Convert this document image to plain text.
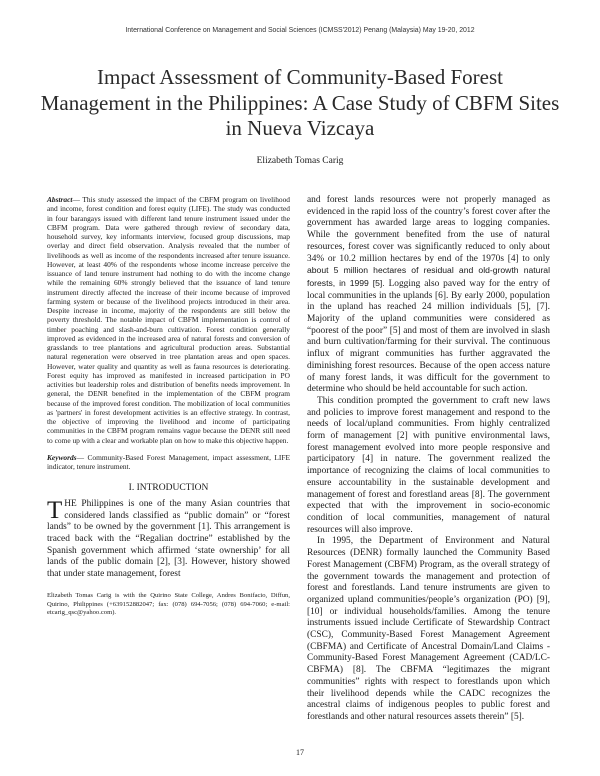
International Conference on Management and Social Sciences (ICMSS'2012) Penang (Malaysia) May 19-20, 2012
Impact Assessment of Community-Based Forest Management in the Philippines: A Case Study of CBFM Sites in Nueva Vizcaya
Elizabeth Tomas Carig

Abstract— This study assessed the impact of the CBFM program on livelihood and income, forest condition and forest equity (LIFE). The study was conducted in four barangays issued with different land tenure instrument issued under the CBFM program. Data were gathered through review of secondary data, household survey, key informants interview, focused group discussions, map overlay and direct field observation. Analysis revealed that the number of livelihoods as well as income of the respondents increased after tenure issuance. However, at least 40% of the respondents whose income increase perceive the issuance of land tenure instrument had nothing to do with the income change while the remaining 60% strongly believed that the issuance of land tenure instrument directly affected the increase of their income because of improved farming system or because of the livelihood projects introduced in their area. Despite increase in income, majority of the respondents are still below the poverty threshold. The notable impact of CBFM implementation is control of timber poaching and slash-and-burn cultivation. Forest condition generally improved as evidenced in the increased area of natural forests and conversion of grasslands to tree plantations and agricultural production areas. Substantial natural regeneration were observed in tree plantation areas and open spaces. However, water quality and quantity as well as fauna resources is deteriorating. Forest equity has improved as manifested in increased participation in PO activities but leadership roles and distribution of benefits needs improvement. In general, the DENR benefited in the implementation of the CBFM program because of the improved forest condition. The mobilization of local communities as 'partners' in forest development activities is an effective strategy. In contrast, the objective of improving the livelihood and income of participating communities in the CBFM program remains vague because the DENR still need to come up with a clear and workable plan on how to make this objective happen.

Keywords— Community-Based Forest Management, impact assessment, LIFE indicator, tenure instrument.

I. INTRODUCTION

THE Philippines is one of the many Asian countries that considered lands classified as “public domain” or “forest lands” to be owned by the government [1]. This arrangement is traced back with the “Regalian doctrine” established by the Spanish government which affirmed ‘state ownership’ for all lands of the public domain [2], [3]. However, history showed that under state management, forest

Elizabeth Tomas Carig is with the Quirino State College, Andres Bonifacio, Diffun, Quirino, Philippines (+639152882047; fax: (078) 694-7056; (078) 694-7060; e-mail: etcarig_qsc@yahoo.com).

and forest lands resources were not properly managed as evidenced in the rapid loss of the country’s forest cover after the government has awarded large areas to logging companies. While the government benefited from the use of natural resources, forest cover was significantly reduced to only about 34% or 10.2 million hectares by end of the 1970s [4] to only about 5 million hectares of residual and old-growth natural forests, in 1999 [5]. Logging also paved way for the entry of local communities in the uplands [6]. By early 2000, population in the upland has reached 24 million individuals [5], [7]. Majority of the upland communities were considered as “poorest of the poor” [5] and most of them are involved in slash and burn cultivation/farming for their survival. The continuous influx of migrant communities has further aggravated the diminishing forest resources. Because of the open access nature of many forest lands, it was difficult for the government to determine who should be held accountable for such action.

This condition prompted the government to craft new laws and policies to improve forest management and respond to the needs of local/upland communities. From highly centralized form of management [2] with punitive environmental laws, forest management evolved into more people responsive and participatory [4] in nature. The government realized the importance of recognizing the claims of local communities to ensure accountability in the sustainable development and management of forest and forestland areas [8]. The government expected that with the improvement in socio-economic condition of local communities, management of natural resources will also improve.

In 1995, the Department of Environment and Natural Resources (DENR) formally launched the Community Based Forest Management (CBFM) Program, as the overall strategy of the government towards the management and protection of forest and forestlands. Land tenure instruments are given to organized upland communities/people’s organization (PO) [9], [10] or individual households/families. Among the tenure instruments issued include Certificate of Stewardship Contract (CSC), Community-Based Forest Management Agreement (CBFMA) and Certificate of Ancestral Domain/Land Claims - Community-Based Forest Management Agreement (CAD/LC-CBFMA) [8]. The CBFMA “legitimazes the migrant communities” rights with respect to forestlands upon which their livelihood depends while the CADC recognizes the ancestral claims of indigenous peoples to public forest and forestlands and other natural resources assets therein” [5].

17
